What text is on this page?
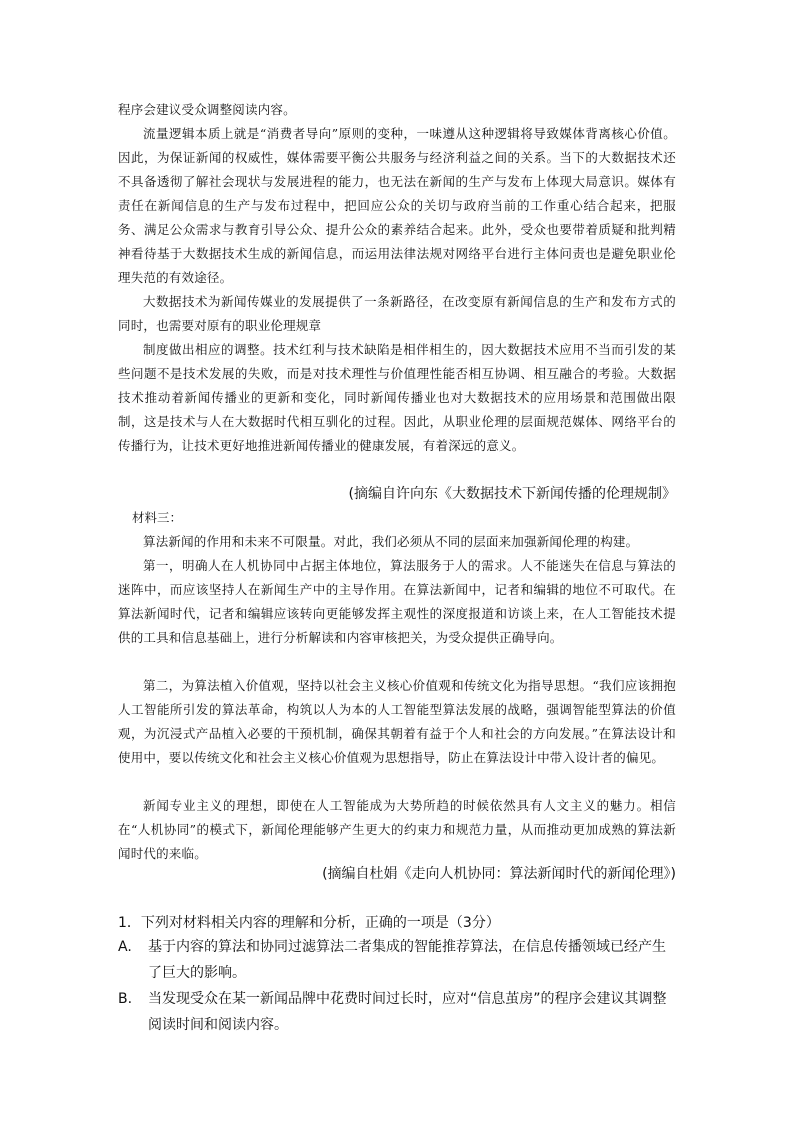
程序会建议受众调整阅读内容。

流量逻辑本质上就是“消费者导向”原则的变种，一味遵从这种逻辑将导致媒体背离核心价值。因此，为保证新闻的权威性，媒体需要平衡公共服务与经济利益之间的关系。当下的大数据技术还不具备透彻了解社会现状与发展进程的能力，也无法在新闻的生产与发布上体现大局意识。媒体有责任在新闻信息的生产与发布过程中，把回应公众的关切与政府当前的工作重心结合起来，把服务、满足公众需求与教育引导公众、提升公众的素养结合起来。此外，受众也要带着质疑和批判精神看待基于大数据技术生成的新闻信息，而运用法律法规对网络平台进行主体问责也是避免职业伦理失范的有效途径。

大数据技术为新闻传媒业的发展提供了一条新路径，在改变原有新闻信息的生产和发布方式的同时，也需要对原有的职业伦理规章

制度做出相应的调整。技术红利与技术缺陷是相伴相生的，因大数据技术应用不当而引发的某些问题不是技术发展的失败，而是对技术理性与价值理性能否相互协调、相互融合的考验。大数据技术推动着新闻传播业的更新和变化，同时新闻传播业也对大数据技术的应用场景和范围做出限制，这是技术与人在大数据时代相互驯化的过程。因此，从职业伦理的层面规范媒体、网络平台的传播行为，让技术更好地推进新闻传播业的健康发展，有着深远的意义。

(摘编自许向东《大数据技术下新闻传播的伦理规制》

材料三：

算法新闻的作用和未来不可限量。对此，我们必须从不同的层面来加强新闻伦理的构建。

第一，明确人在人机协同中占据主体地位，算法服务于人的需求。人不能迷失在信息与算法的迷阵中，而应该坚持人在新闻生产中的主导作用。在算法新闻中，记者和编辑的地位不可取代。在算法新闻时代，记者和编辑应该转向更能够发挥主观性的深度报道和访谈上来，在人工智能技术提供的工具和信息基础上，进行分析解读和内容审核把关，为受众提供正确导向。

第二，为算法植入价值观，坚持以社会主义核心价值观和传统文化为指导思想。“我们应该拥抱人工智能所引发的算法革命，构筑以人为本的人工智能型算法发展的战略，强调智能型算法的价值观，为沉浸式产品植入必要的干预机制，确保其朝着有益于个人和社会的方向发展。”在算法设计和使用中，要以传统文化和社会主义核心价值观为思想指导，防止在算法设计中带入设计者的偏见。

新闻专业主义的理想，即使在人工智能成为大势所趋的时候依然具有人文主义的魅力。相信在“人机协同”的模式下，新闻伦理能够产生更大的约束力和规范力量，从而推动更加成熟的算法新闻时代的来临。

(摘编自杜娟《走向人机协同：算法新闻时代的新闻伦理》)

1．下列对材料相关内容的理解和分析，正确的一项是（3分）

A. 基于内容的算法和协同过滤算法二者集成的智能推荐算法，在信息传播领域已经产生了巨大的影响。
B. 当发现受众在某一新闻品牌中花费时间过长时，应对“信息茧房”的程序会建议其调整阅读时间和阅读内容。
